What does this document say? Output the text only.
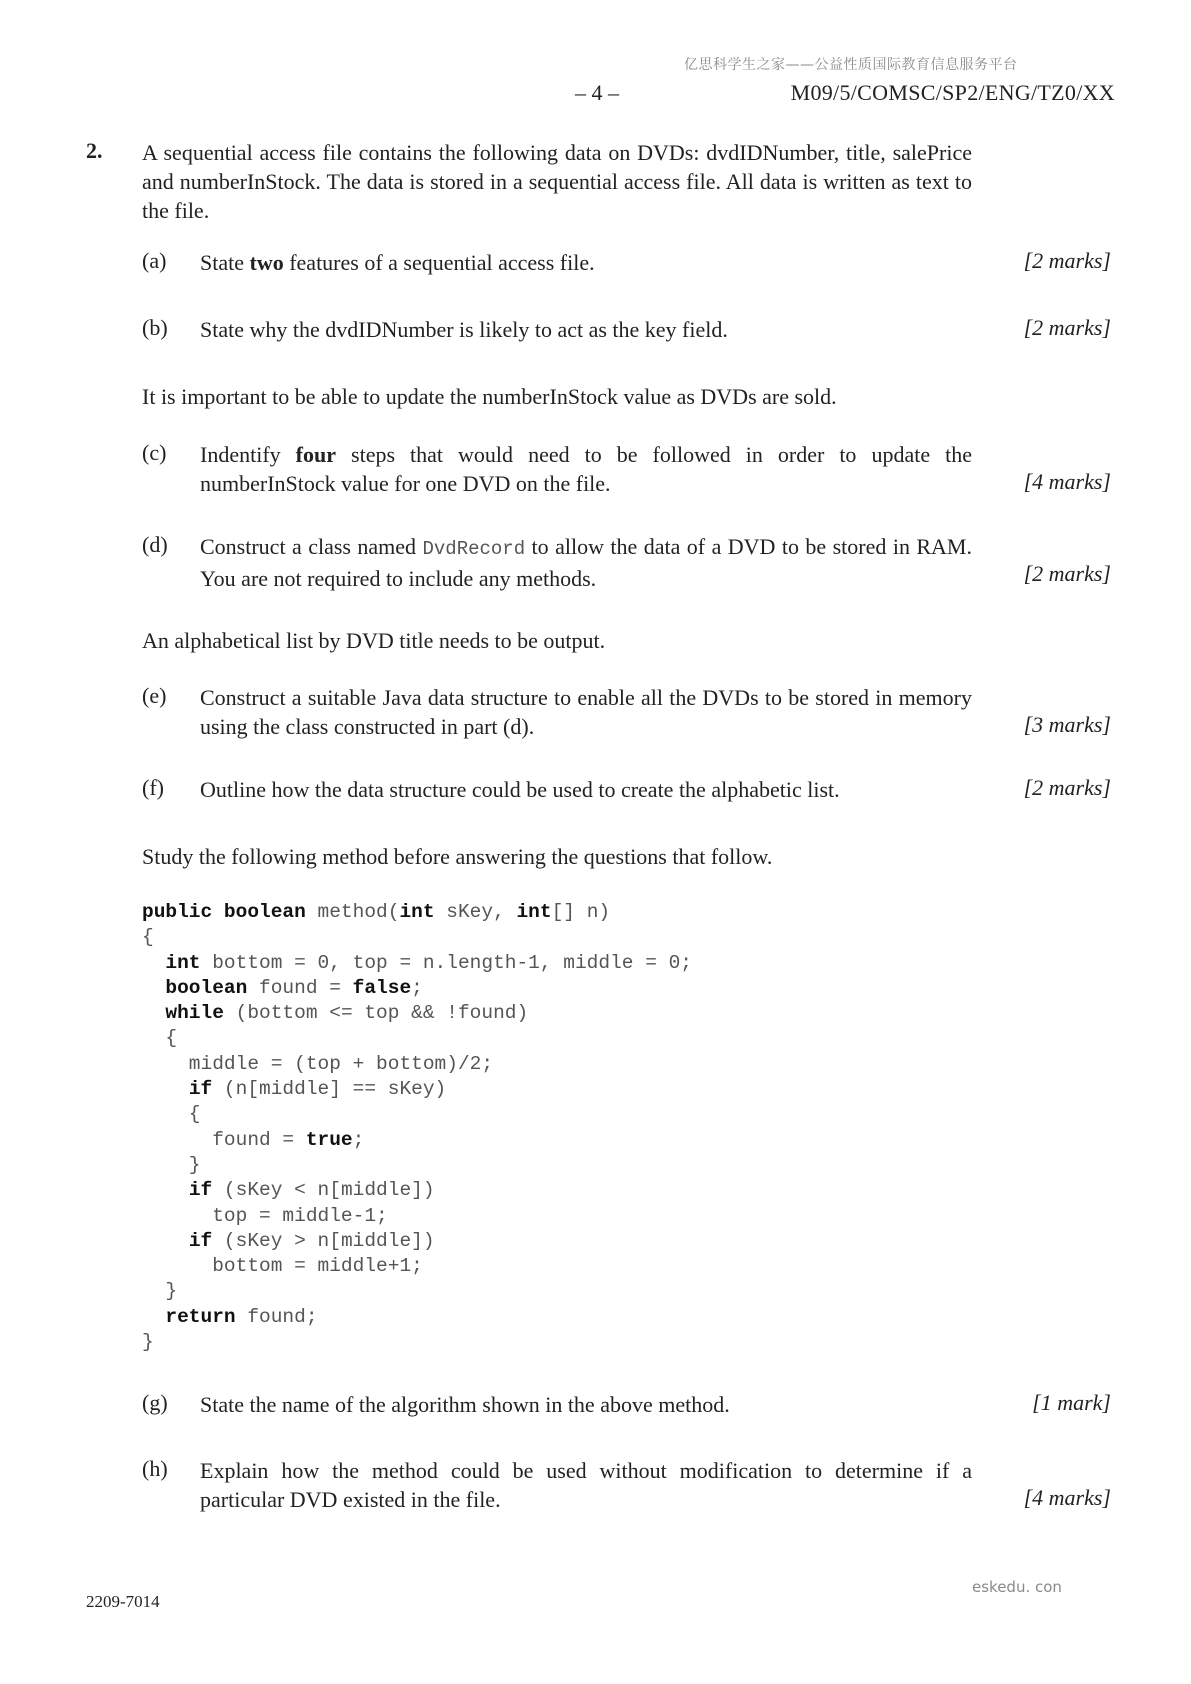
亿思科学生之家——公益性质国际教育信息服务平台
– 4 –	M09/5/COMSC/SP2/ENG/TZ0/XX
2. A sequential access file contains the following data on DVDs: dvdIDNumber, title, salePrice and numberInStock. The data is stored in a sequential access file. All data is written as text to the file.
(a) State two features of a sequential access file.	[2 marks]
(b) State why the dvdIDNumber is likely to act as the key field.	[2 marks]
It is important to be able to update the numberInStock value as DVDs are sold.
(c) Indentify four steps that would need to be followed in order to update the numberInStock value for one DVD on the file.	[4 marks]
(d) Construct a class named DvdRecord to allow the data of a DVD to be stored in RAM. You are not required to include any methods.	[2 marks]
An alphabetical list by DVD title needs to be output.
(e) Construct a suitable Java data structure to enable all the DVDs to be stored in memory using the class constructed in part (d).	[3 marks]
(f) Outline how the data structure could be used to create the alphabetic list.	[2 marks]
Study the following method before answering the questions that follow.
public boolean method(int sKey, int[] n)
{
int bottom = 0, top = n.length-1, middle = 0;
boolean found = false;
while (bottom <= top && !found)
{
middle = (top + bottom)/2;
if (n[middle] == sKey)
{
found = true;
}
if (sKey < n[middle])
top = middle-1;
if (sKey > n[middle])
bottom = middle+1;
}
return found;
}
(g) State the name of the algorithm shown in the above method.	[1 mark]
(h) Explain how the method could be used without modification to determine if a particular DVD existed in the file.	[4 marks]
2209-7014
eskedu. con
